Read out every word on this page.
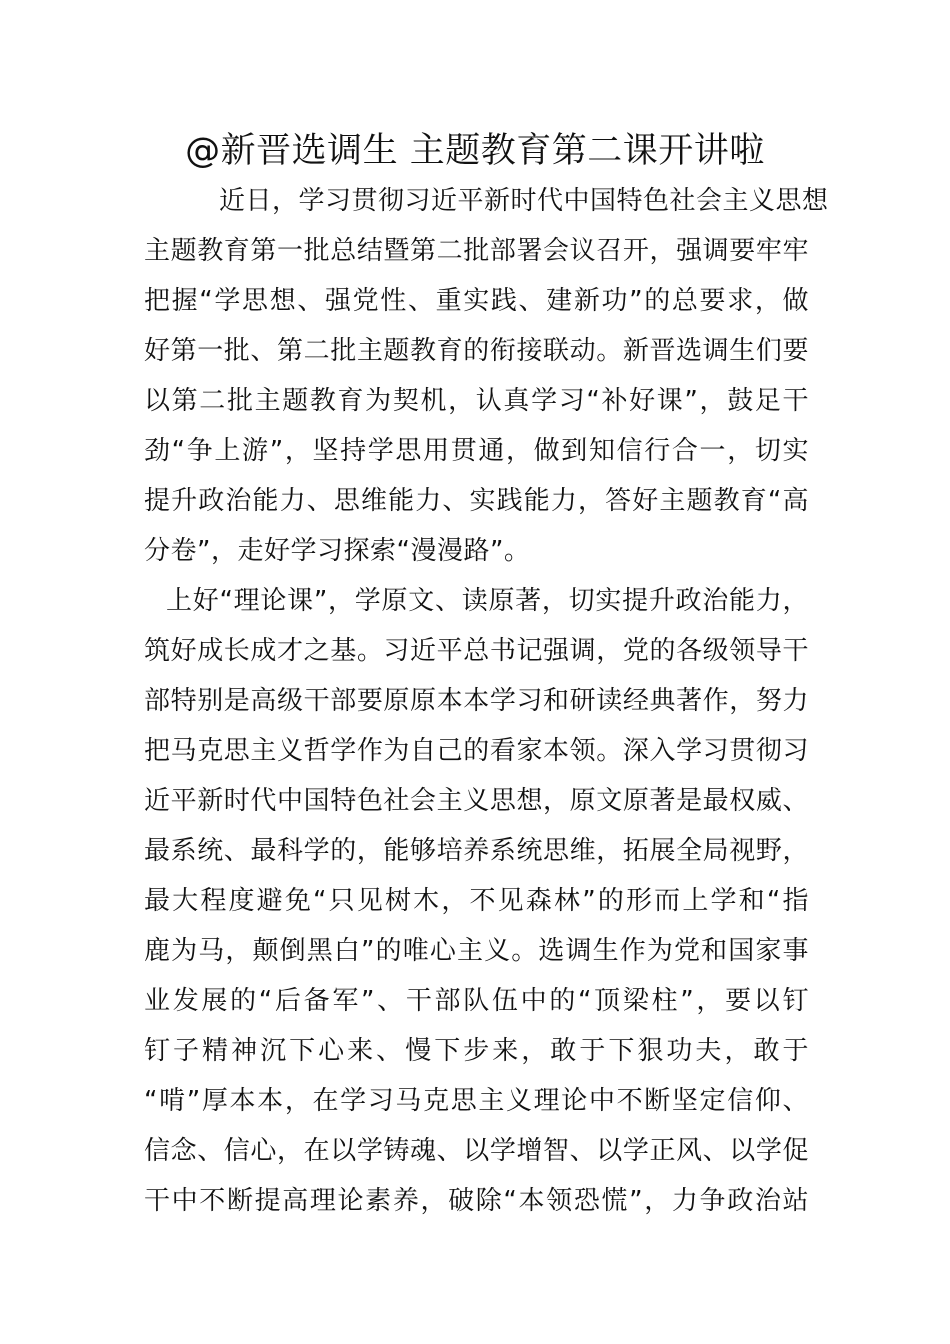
@新晋选调生 主题教育第二课开讲啦
近日，学习贯彻习近平新时代中国特色社会主义思想
主题教育第一批总结暨第二批部署会议召开，强调要牢牢
把握“学思想、强党性、重实践、建新功”的总要求，做
好第一批、第二批主题教育的衔接联动。新晋选调生们要
以第二批主题教育为契机，认真学习“补好课”，鼓足干
劲“争上游”，坚持学思用贯通，做到知信行合一，切实
提升政治能力、思维能力、实践能力，答好主题教育“高
分卷”，走好学习探索“漫漫路”。
上好“理论课”，学原文、读原著，切实提升政治能力，
筑好成长成才之基。习近平总书记强调，党的各级领导干
部特别是高级干部要原原本本学习和研读经典著作，努力
把马克思主义哲学作为自己的看家本领。深入学习贯彻习
近平新时代中国特色社会主义思想，原文原著是最权威、
最系统、最科学的，能够培养系统思维，拓展全局视野，
最大程度避免“只见树木，不见森林”的形而上学和“指
鹿为马，颠倒黑白”的唯心主义。选调生作为党和国家事
业发展的“后备军”、干部队伍中的“顶梁柱”，要以钉
钉子精神沉下心来、慢下步来，敢于下狠功夫，敢于
“啃”厚本本，在学习马克思主义理论中不断坚定信仰、
信念、信心，在以学铸魂、以学增智、以学正风、以学促
干中不断提高理论素养，破除“本领恐慌”，力争政治站
